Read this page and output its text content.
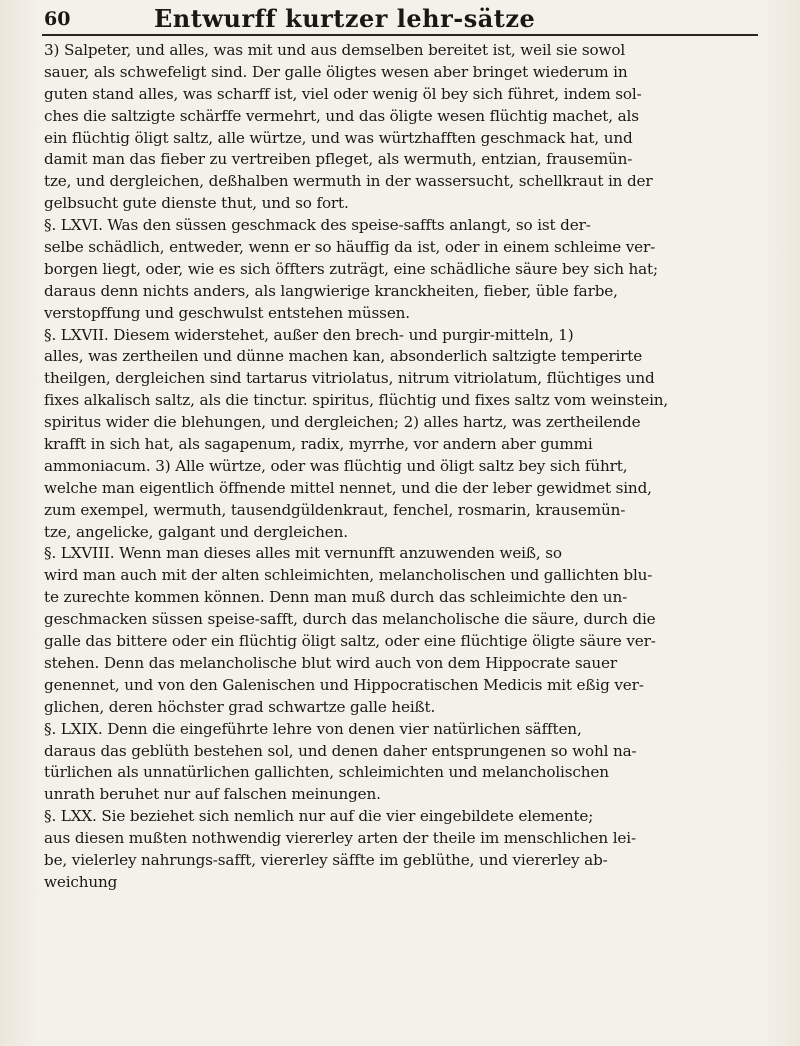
60	Entwurff kurtzer lehr-sätze
3) Salpeter, und alles, was mit und aus demselben bereitet ist, weil sie sowol
sauer, als schwefeligt sind. Der galle öligtes wesen aber bringet wiederum in
guten stand alles, was scharff ist, viel oder wenig öl bey sich führet, indem sol-
ches die saltzigte schärffe vermehrt, und das öligte wesen flüchtig machet, als
ein flüchtig öligt saltz, alle würtze, und was würtzhafften geschmack hat, und
damit man das fieber zu vertreiben pfleget, als wermuth, entzian, frausemün-
tze, und dergleichen, deßhalben wermuth in der wassersucht, schellkraut in der
gelbsucht gute dienste thut, und so fort.
§. LXVI. Was den süssen geschmack des speise-saffts anlangt, so ist der-
selbe schädlich, entweder, wenn er so häuffig da ist, oder in einem schleime ver-
borgen liegt, oder, wie es sich öffters zuträgt, eine schädliche säure bey sich hat;
daraus denn nichts anders, als langwierige kranckheiten, fieber, üble farbe,
verstopffung und geschwulst entstehen müssen.
§. LXVII. Diesem widerstehet, außer den brech- und purgir-mitteln, 1)
alles, was zertheilen und dünne machen kan, absonderlich saltzigte temperirte
theilgen, dergleichen sind tartarus vitriolatus, nitrum vitriolatum, flüchtiges und
fixes alkalisch saltz, als die tinctur. spiritus, flüchtig und fixes saltz vom weinstein,
spiritus wider die blehungen, und dergleichen; 2) alles hartz, was zertheilende
krafft in sich hat, als sagapenum, radix, myrrhe, vor andern aber gummi
ammoniacum. 3) Alle würtze, oder was flüchtig und öligt saltz bey sich führt,
welche man eigentlich öffnende mittel nennet, und die der leber gewidmet sind,
zum exempel, wermuth, tausendgüldenkraut, fenchel, rosmarin, krausemün-
tze, angelicke, galgant und dergleichen.
§. LXVIII. Wenn man dieses alles mit vernunfft anzuwenden weiß, so
wird man auch mit der alten schleimichten, melancholischen und gallichten blu-
te zurechte kommen können. Denn man muß durch das schleimichte den un-
geschmacken süssen speise-safft, durch das melancholische die säure, durch die
galle das bittere oder ein flüchtig öligt saltz, oder eine flüchtige öligte säure ver-
stehen. Denn das melancholische blut wird auch von dem Hippocrate sauer
genennet, und von den Galenischen und Hippocratischen Medicis mit eßig ver-
glichen, deren höchster grad schwartze galle heißt.
§. LXIX. Denn die eingeführte lehre von denen vier natürlichen säfften,
daraus das geblüth bestehen sol, und denen daher entsprungenen so wohl na-
türlichen als unnatürlichen gallichten, schleimichten und melancholischen
unrath beruhet nur auf falschen meinungen.
§. LXX. Sie beziehet sich nemlich nur auf die vier eingebildete elemente;
aus diesen mußten nothwendig viererley arten der theile im menschlichen lei-
be, vielerley nahrungs-safft, viererley säffte im geblüthe, und viererley ab-
weichung
